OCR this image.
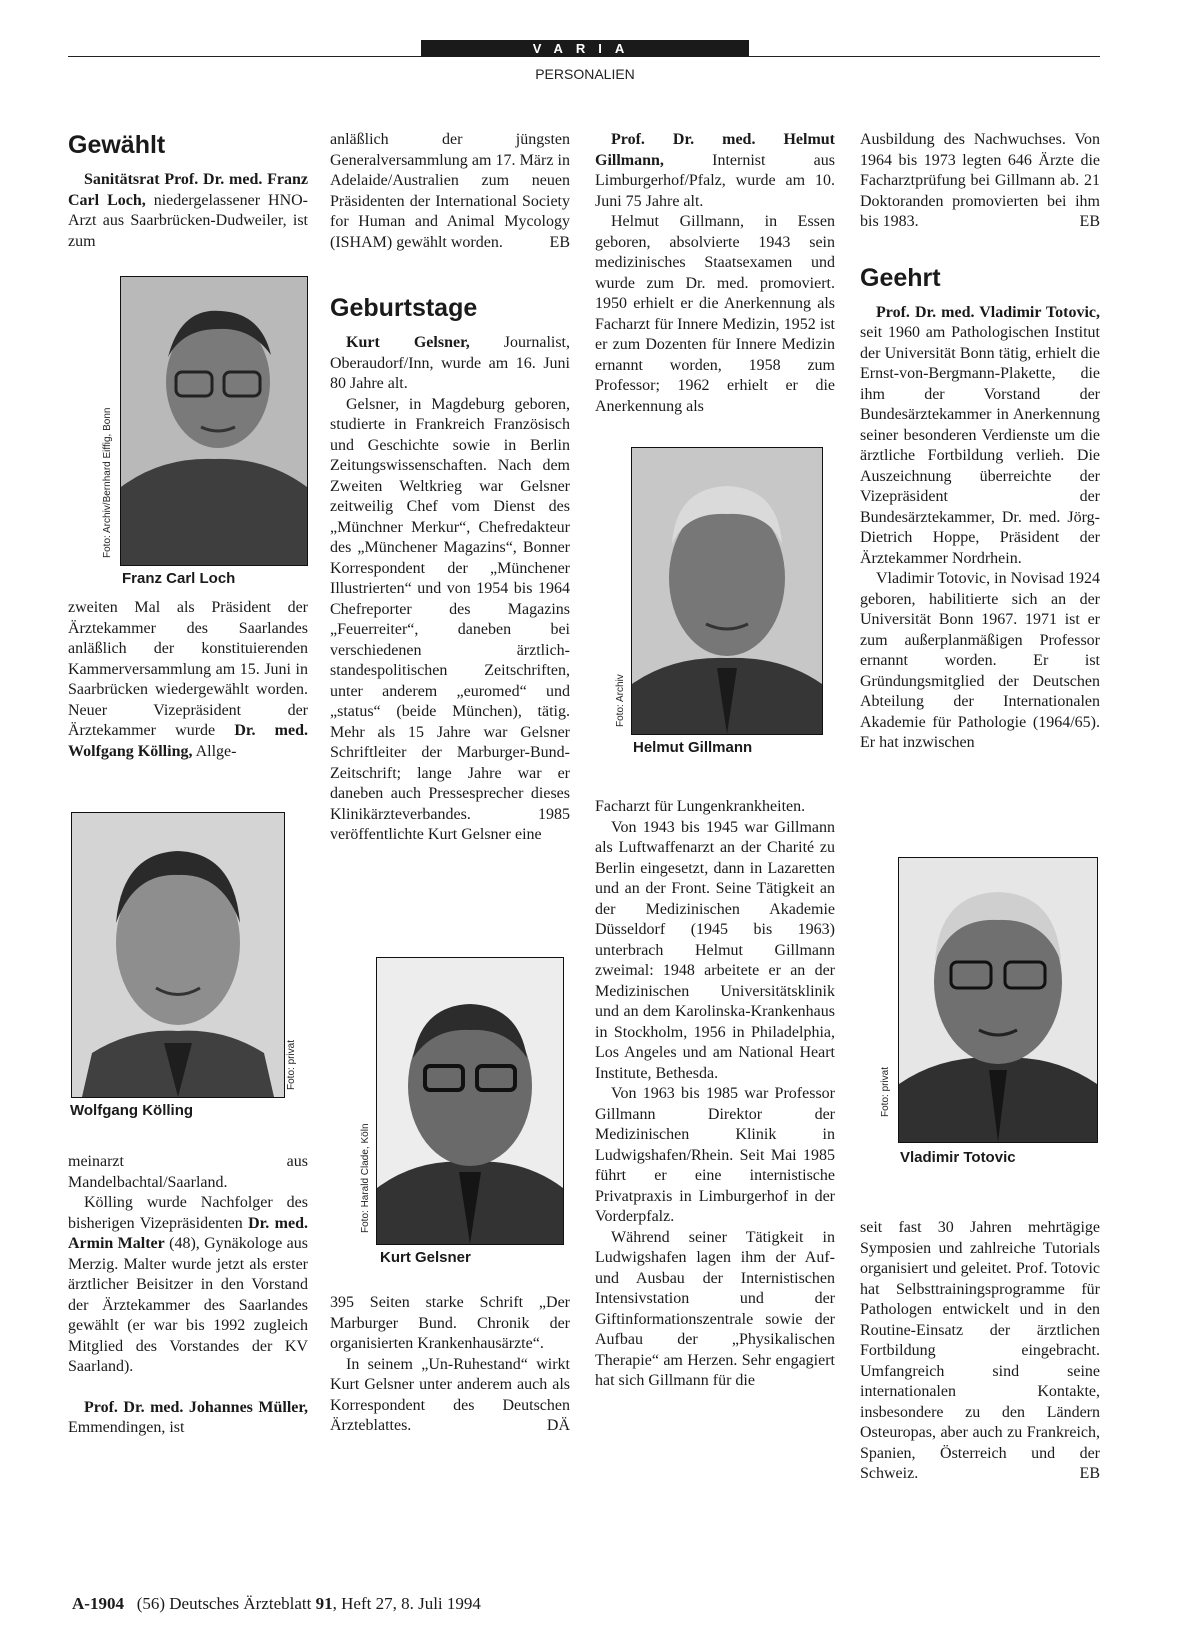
VARIA
PERSONALIEN
Gewählt

Sanitätsrat Prof. Dr. med. Franz Carl Loch, niedergelassener HNO-Arzt aus Saarbrücken-Dudweiler, ist zum

zweiten Mal als Präsident der Ärztekammer des Saarlandes anläßlich der konstituierenden Kammerversammlung am 15. Juni in Saarbrücken wiedergewählt worden. Neuer Vizepräsident der Ärztekammer wurde Dr. med. Wolfgang Kölling, Allge-

meinarzt aus Mandelbachtal/Saarland.

Kölling wurde Nachfolger des bisherigen Vizepräsidenten Dr. med. Armin Malter (48), Gynäkologe aus Merzig. Malter wurde jetzt als erster ärztlicher Beisitzer in den Vorstand der Ärztekammer des Saarlandes gewählt (er war bis 1992 zugleich Mitglied des Vorstandes der KV Saarland).

Prof. Dr. med. Johannes Müller, Emmendingen, ist

anläßlich der jüngsten Generalversammlung am 17. März in Adelaide/Australien zum neuen Präsidenten der International Society for Human and Animal Mycology (ISHAM) gewählt worden.	EB

Geburtstage

Kurt Gelsner, Journalist, Oberaudorf/Inn, wurde am 16. Juni 80 Jahre alt.

Gelsner, in Magdeburg geboren, studierte in Frankreich Französisch und Geschichte sowie in Berlin Zeitungswissenschaften. Nach dem Zweiten Weltkrieg war Gelsner zeitweilig Chef vom Dienst des „Münchner Merkur“, Chefredakteur des „Münchener Magazins“, Bonner Korrespondent der „Münchener Illustrierten“ und von 1954 bis 1964 Chefreporter des Magazins „Feuerreiter“, daneben bei verschiedenen ärztlich-standespolitischen Zeitschriften, unter anderem „euromed“ und „status“ (beide München), tätig. Mehr als 15 Jahre war Gelsner Schriftleiter der Marburger-Bund-Zeitschrift; lange Jahre war er daneben auch Pressesprecher dieses Klinikärzteverbandes. 1985 veröffentlichte Kurt Gelsner eine

395 Seiten starke Schrift „Der Marburger Bund. Chronik der organisierten Krankenhausärzte“.

In seinem „Un-Ruhestand“ wirkt Kurt Gelsner unter anderem auch als Korrespondent des Deutschen Ärzteblattes.	DÄ

Prof. Dr. med. Helmut Gillmann, Internist aus Limburgerhof/Pfalz, wurde am 10. Juni 75 Jahre alt.

Helmut Gillmann, in Essen geboren, absolvierte 1943 sein medizinisches Staatsexamen und wurde zum Dr. med. promoviert. 1950 erhielt er die Anerkennung als Facharzt für Innere Medizin, 1952 ist er zum Dozenten für Innere Medizin ernannt worden, 1958 zum Professor; 1962 erhielt er die Anerkennung als

Facharzt für Lungenkrankheiten.

Von 1943 bis 1945 war Gillmann als Luftwaffenarzt an der Charité zu Berlin eingesetzt, dann in Lazaretten und an der Front. Seine Tätigkeit an der Medizinischen Akademie Düsseldorf (1945 bis 1963) unterbrach Helmut Gillmann zweimal: 1948 arbeitete er an der Medizinischen Universitätsklinik und an dem Karolinska-Krankenhaus in Stockholm, 1956 in Philadelphia, Los Angeles und am National Heart Institute, Bethesda.

Von 1963 bis 1985 war Professor Gillmann Direktor der Medizinischen Klinik in Ludwigshafen/Rhein. Seit Mai 1985 führt er eine internistische Privatpraxis in Limburgerhof in der Vorderpfalz.

Während seiner Tätigkeit in Ludwigshafen lagen ihm der Auf- und Ausbau der Internistischen Intensivstation und der Giftinformationszentrale sowie der Aufbau der „Physikalischen Therapie“ am Herzen. Sehr engagiert hat sich Gillmann für die

Ausbildung des Nachwuchses. Von 1964 bis 1973 legten 646 Ärzte die Facharztprüfung bei Gillmann ab. 21 Doktoranden promovierten bei ihm bis 1983.	EB

Geehrt

Prof. Dr. med. Vladimir Totovic, seit 1960 am Pathologischen Institut der Universität Bonn tätig, erhielt die Ernst-von-Bergmann-Plakette, die ihm der Vorstand der Bundesärztekammer in Anerkennung seiner besonderen Verdienste um die ärztliche Fortbildung verlieh. Die Auszeichnung überreichte der Vizepräsident der Bundesärztekammer, Dr. med. Jörg-Dietrich Hoppe, Präsident der Ärztekammer Nordrhein.

Vladimir Totovic, in Novisad 1924 geboren, habilitierte sich an der Universität Bonn 1967. 1971 ist er zum außerplanmäßigen Professor ernannt worden. Er ist Gründungsmitglied der Deutschen Abteilung der Internationalen Akademie für Pathologie (1964/65). Er hat inzwischen

seit fast 30 Jahren mehrtägige Symposien und zahlreiche Tutorials organisiert und geleitet. Prof. Totovic hat Selbsttrainingsprogramme für Pathologen entwickelt und in den Routine-Einsatz der ärztlichen Fortbildung eingebracht. Umfangreich sind seine internationalen Kontakte, insbesondere zu den Ländern Osteuropas, aber auch zu Frankreich, Spanien, Österreich und der Schweiz.	EB

Foto: Archiv/Bernhard Eiffig, Bonn
Franz Carl Loch
Foto: privat
Wolfgang Kölling
Foto: Harald Clade, Köln
Kurt Gelsner
Foto: Archiv
Helmut Gillmann
Foto: privat
Vladimir Totovic
A-1904 (56) Deutsches Ärzteblatt 91, Heft 27, 8. Juli 1994
